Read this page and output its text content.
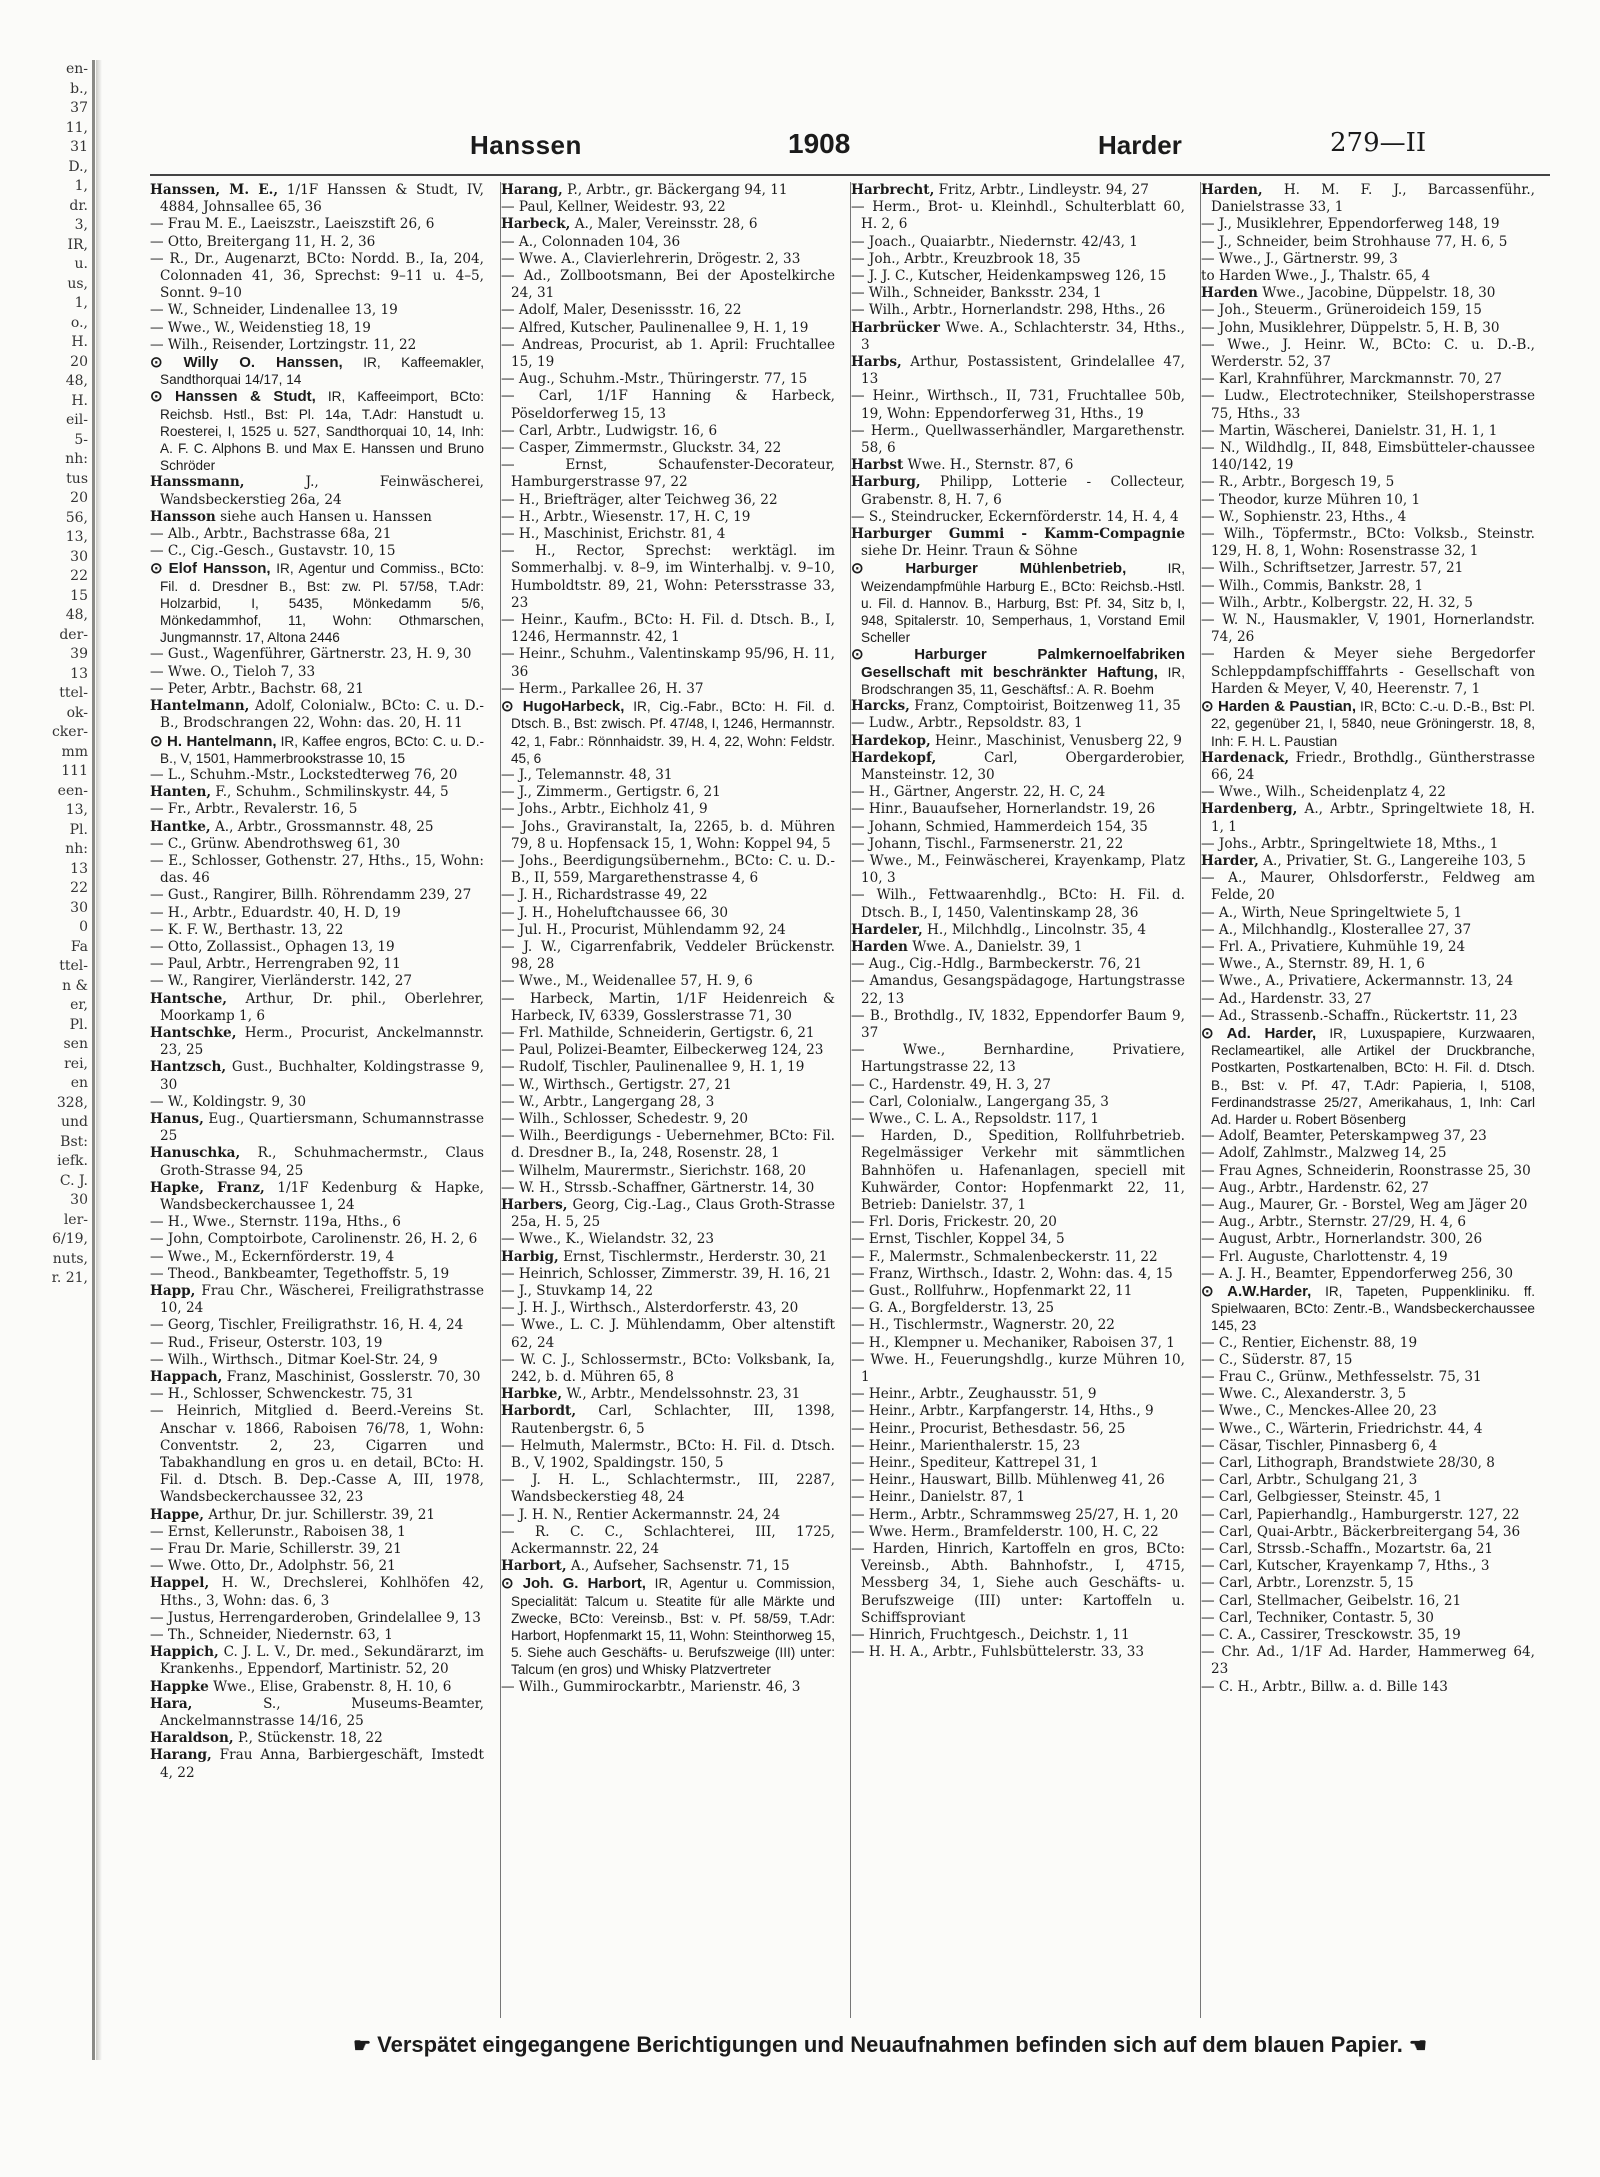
en-
b.,
37
11,
31
D.,
1,
dr.
3,
IR,
u.
us,
1,
o.,
H.
20
48,
H.
eil-
5-
nh:
tus
20
56,
13,
30
22
15
48,
der-
39
13
ttel-
ok-
cker-
mm
111
een-
13,
Pl.
nh:
13
22
30
0
Fa
ttel-
n &
er,
Pl.
sen
rei,
en
328,
und
Bst:
iefk.
C. J.
30
ler-
6/19,
nuts,
r. 21,
Hanssen	1908	Harder	279—II
Hanssen, M. E., 1/1F Hanssen & Studt, IV, 4884, Johnsallee 65, 36
— Frau M. E., Laeiszstr., Laeiszstift 26, 6
— Otto, Breitergang 11, H. 2, 36
— R., Dr., Augenarzt, BCto: Nordd. B., Ia, 204, Colonnaden 41, 36, Sprechst: 9–11 u. 4–5, Sonnt. 9–10
— W., Schneider, Lindenallee 13, 19
— Wwe., W., Weidenstieg 18, 19
— Wilh., Reisender, Lortzingstr. 11, 22
⊙ Willy O. Hanssen, IR, Kaffeemakler, Sandthorquai 14/17, 14
⊙ Hanssen & Studt, IR, Kaffeeimport, BCto: Reichsb. Hstl., Bst: Pl. 14a, T.Adr: Hanstudt u. Roesterei, I, 1525 u. 527, Sandthorquai 10, 14, Inh: A. F. C. Alphons B. und Max E. Hanssen und Bruno Schröder
Hanssmann,	J., Feinwäscherei, Wandsbeckerstieg 26a, 24
Hansson siehe auch Hansen u. Hanssen
— Alb., Arbtr., Bachstrasse 68a, 21
— C., Cig.-Gesch., Gustavstr. 10, 15
⊙ Elof Hansson, IR, Agentur und Commiss., BCto: Fil. d. Dresdner B., Bst: zw. Pl. 57/58, T.Adr: Holzarbid, I, 5435, Mönkedamm 5/6, Mönkedammhof, 11, Wohn: Othmarschen, Jungmannstr. 17, Altona 2446
— Gust., Wagenführer, Gärtnerstr. 23, H. 9, 30
— Wwe. O., Tieloh 7, 33
— Peter, Arbtr., Bachstr. 68, 21
Hantelmann, Adolf, Colonialw., BCto: C. u. D.-B., Brodschrangen 22, Wohn: das. 20, H. 11
⊙ H. Hantelmann, IR, Kaffee engros, BCto: C. u. D.-B., V, 1501, Hammerbrookstrasse 10, 15
— L., Schuhm.-Mstr., Lockstedterweg 76, 20
Hanten, F., Schuhm., Schmilinskystr. 44, 5
— Fr., Arbtr., Revalerstr. 16, 5
Hantke, A., Arbtr., Grossmannstr. 48, 25
— C., Grünw. Abendrothsweg 61, 30
— E., Schlosser, Gothenstr. 27, Hths., 15, Wohn: das. 46
— Gust., Rangirer, Billh. Röhrendamm 239, 27
— H., Arbtr., Eduardstr. 40, H. D, 19
— K. F. W., Berthastr. 13, 22
— Otto, Zollassist., Ophagen 13, 19
— Paul, Arbtr., Herrengraben 92, 11
— W., Rangirer, Vierländerstr. 142, 27
Hantsche, Arthur, Dr. phil., Oberlehrer, Moorkamp 1, 6
Hantschke, Herm., Procurist, Anckelmannstr. 23, 25
Hantzsch, Gust., Buchhalter, Koldingstrasse 9, 30
— W., Koldingstr. 9, 30
Hanus, Eug., Quartiersmann, Schumannstrasse 25
Hanuschka, R., Schuhmachermstr., Claus Groth-Strasse 94, 25
Hapke, Franz, 1/1F Kedenburg & Hapke, Wandsbeckerchaussee 1, 24
— H., Wwe., Sternstr. 119a, Hths., 6
— John, Comptoirbote, Carolinenstr. 26, H. 2, 6
— Wwe., M., Eckernförderstr. 19, 4
— Theod., Bankbeamter, Tegethoffstr. 5, 19
Happ, Frau Chr., Wäscherei, Freiligrathstrasse 10, 24
— Georg, Tischler, Freiligrathstr. 16, H. 4, 24
— Rud., Friseur, Osterstr. 103, 19
— Wilh., Wirthsch., Ditmar Koel-Str. 24, 9
Happach, Franz, Maschinist, Gosslerstr. 70, 30
— H., Schlosser, Schwenckestr. 75, 31
— Heinrich, Mitglied d. Beerd.-Vereins St. Anschar v. 1866, Raboisen 76/78, 1, Wohn: Conventstr. 2, 23, Cigarren und Tabakhandlung en gros u. en detail, BCto: H. Fil. d. Dtsch. B. Dep.-Casse A, III, 1978, Wandsbeckerchaussee 32, 23
Happe, Arthur, Dr. jur. Schillerstr. 39, 21
— Ernst, Kellerunstr., Raboisen 38, 1
— Frau Dr. Marie, Schillerstr. 39, 21
— Wwe. Otto, Dr., Adolphstr. 56, 21
Happel, H. W., Drechslerei, Kohlhöfen 42, Hths., 3, Wohn: das. 6, 3
— Justus, Herrengarderoben, Grindelallee 9, 13
— Th., Schneider, Niedernstr. 63, 1
Happich, C. J. L. V., Dr. med., Sekundärarzt, im Krankenhs., Eppendorf, Martinistr. 52, 20
Happke Wwe., Elise, Grabenstr. 8, H. 10, 6
Hara,	S., Museums-Beamter, Anckelmannstrasse 14/16, 25
Haraldson, P., Stückenstr. 18, 22
Harang, Frau Anna, Barbiergeschäft, Imstedt 4, 22
Harang, P., Arbtr., gr. Bäckergang 94, 11
— Paul, Kellner, Weidestr. 93, 22
Harbeck, A., Maler, Vereinsstr. 28, 6
— A., Colonnaden 104, 36
— Wwe. A., Clavierlehrerin, Drögestr. 2, 33
— Ad., Zollbootsmann, Bei der Apostelkirche 24, 31
— Adolf, Maler, Desenissstr. 16, 22
— Alfred, Kutscher, Paulinenallee 9, H. 1, 19
— Andreas, Procurist, ab 1. April: Fruchtallee 15, 19
— Aug., Schuhm.-Mstr., Thüringerstr. 77, 15
— Carl, 1/1F Hanning & Harbeck, Pöseldorferweg 15, 13
— Carl, Arbtr., Ludwigstr. 16, 6
— Casper, Zimmermstr., Gluckstr. 34, 22
— Ernst, Schaufenster-Decorateur, Hamburgerstrasse 97, 22
— H., Briefträger, alter Teichweg 36, 22
— H., Arbtr., Wiesenstr. 17, H. C, 19
— H., Maschinist, Erichstr. 81, 4
— H., Rector, Sprechst: werktägl. im Sommerhalbj. v. 8–9, im Winterhalbj. v. 9–10, Humboldtstr. 89, 21, Wohn: Petersstrasse 33, 23
— Heinr., Kaufm., BCto: H. Fil. d. Dtsch. B., I, 1246, Hermannstr. 42, 1
— Heinr., Schuhm., Valentinskamp 95/96, H. 11, 36
— Herm., Parkallee 26, H. 37
⊙ HugoHarbeck, IR, Cig.-Fabr., BCto: H. Fil. d. Dtsch. B., Bst: zwisch. Pf. 47/48, I, 1246, Hermannstr. 42, 1, Fabr.: Rönnhaidstr. 39, H. 4, 22, Wohn: Feldstr. 45, 6
— J., Telemannstr. 48, 31
— J., Zimmerm., Gertigstr. 6, 21
— Johs., Arbtr., Eichholz 41, 9
— Johs., Graviranstalt, Ia, 2265, b. d. Mühren 79, 8 u. Hopfensack 15, 1, Wohn: Koppel 94, 5
— Johs., Beerdigungsübernehm., BCto: C. u. D.-B., II, 559, Margarethenstrasse 4, 6
— J. H., Richardstrasse 49, 22
— J. H., Hoheluftchaussee 66, 30
— Jul. H., Procurist, Mühlendamm 92, 24
— J. W., Cigarrenfabrik, Veddeler Brückenstr. 98, 28
— Wwe., M., Weidenallee 57, H. 9, 6
— Harbeck, Martin, 1/1F Heidenreich & Harbeck, IV, 6339, Gosslerstrasse 71, 30
— Frl. Mathilde, Schneiderin, Gertigstr. 6, 21
— Paul, Polizei-Beamter, Eilbeckerweg 124, 23
— Rudolf, Tischler, Paulinenallee 9, H. 1, 19
— W., Wirthsch., Gertigstr. 27, 21
— W., Arbtr., Langergang 28, 3
— Wilh., Schlosser, Schedestr. 9, 20
— Wilh., Beerdigungs - Uebernehmer, BCto: Fil. d. Dresdner B., Ia, 248, Rosenstr. 28, 1
— Wilhelm, Maurermstr., Sierichstr. 168, 20
— W. H., Strssb.-Schaffner, Gärtnerstr. 14, 30
Harbers, Georg, Cig.-Lag., Claus Groth-Strasse 25a, H. 5, 25
— Wwe., K., Wielandstr. 32, 23
Harbig, Ernst, Tischlermstr., Herderstr. 30, 21
— Heinrich, Schlosser, Zimmerstr. 39, H. 16, 21
— J., Stuvkamp 14, 22
— J. H. J., Wirthsch., Alsterdorferstr. 43, 20
— Wwe., L. C. J. Mühlendamm, Ober altenstift 62, 24
— W. C. J., Schlossermstr., BCto: Volksbank, Ia, 242, b. d. Mühren 65, 8
Harbke, W., Arbtr., Mendelssohnstr. 23, 31
Harbordt, Carl, Schlachter, III, 1398, Rautenbergstr. 6, 5
— Helmuth, Malermstr., BCto: H. Fil. d. Dtsch. B., V, 1902, Spaldingstr. 150, 5
— J. H. L., Schlachtermstr., III, 2287, Wandsbeckerstieg 48, 24
— J. H. N., Rentier Ackermannstr. 24, 24
— R. C. C., Schlachterei, III, 1725, Ackermannstr. 22, 24
Harbort, A., Aufseher, Sachsenstr. 71, 15
⊙ Joh. G. Harbort, IR, Agentur u. Commission, Specialität: Talcum u. Steatite für alle Märkte und Zwecke, BCto: Vereinsb., Bst: v. Pf. 58/59, T.Adr: Harbort, Hopfenmarkt 15, 11, Wohn: Steinthorweg 15, 5. Siehe auch Geschäfts- u. Berufszweige (III) unter: Talcum (en gros) und Whisky Platzvertreter
— Wilh., Gummirockarbtr., Marienstr. 46, 3
Harbrecht, Fritz, Arbtr., Lindleystr. 94, 27
— Herm., Brot- u. Kleinhdl., Schulterblatt 60, H. 2, 6
— Joach., Quaiarbtr., Niedernstr. 42/43, 1
— Joh., Arbtr., Kreuzbrook 18, 35
— J. J. C., Kutscher, Heidenkampsweg 126, 15
— Wilh., Schneider, Banksstr. 234, 1
— Wilh., Arbtr., Hornerlandstr. 298, Hths., 26
Harbrücker Wwe. A., Schlachterstr. 34, Hths., 3
Harbs, Arthur, Postassistent, Grindelallee 47, 13
— Heinr., Wirthsch., II, 731, Fruchtallee 50b, 19, Wohn: Eppendorferweg 31, Hths., 19
— Herm., Quellwasserhändler, Margarethenstr. 58, 6
Harbst Wwe. H., Sternstr. 87, 6
Harburg, Philipp, Lotterie - Collecteur, Grabenstr. 8, H. 7, 6
— S., Steindrucker, Eckernförderstr. 14, H. 4, 4
Harburger Gummi - Kamm-Compagnie siehe Dr. Heinr. Traun & Söhne
⊙ Harburger Mühlenbetrieb,	IR, Weizendampfmühle Harburg E., BCto: Reichsb.-Hstl. u. Fil. d. Hannov. B., Harburg, Bst: Pf. 34, Sitz b, I, 948, Spitalerstr. 10, Semperhaus, 1, Vorstand Emil Scheller
⊙ Harburger Palmkernoelfabriken Gesellschaft mit beschränkter Haftung, IR, Brodschrangen 35, 11, Geschäftsf.: A. R. Boehm
Harcks, Franz, Comptoirist, Boitzenweg 11, 35
— Ludw., Arbtr., Repsoldstr. 83, 1
Hardekop, Heinr., Maschinist, Venusberg 22, 9
Hardekopf,	Carl, Obergarderobier, Mansteinstr. 12, 30
— H., Gärtner, Angerstr. 22, H. C, 24
— Hinr., Bauaufseher, Hornerlandstr. 19, 26
— Johann, Schmied, Hammerdeich 154, 35
— Johann, Tischl., Farmsenerstr. 21, 22
— Wwe., M., Feinwäscherei, Krayenkamp, Platz 10, 3
— Wilh., Fettwaarenhdlg., BCto: H. Fil. d. Dtsch. B., I, 1450, Valentinskamp 28, 36
Hardeler, H., Milchhdlg., Lincolnstr. 35, 4
Harden Wwe. A., Danielstr. 39, 1
— Aug., Cig.-Hdlg., Barmbeckerstr. 76, 21
— Amandus, Gesangspädagoge, Hartungstrasse 22, 13
— B., Brothdlg., IV, 1832, Eppendorfer Baum 9, 37
— Wwe., Bernhardine, Privatiere, Hartungstrasse 22, 13
— C., Hardenstr. 49, H. 3, 27
— Carl, Colonialw., Langergang 35, 3
— Wwe., C. L. A., Repsoldstr. 117, 1
— Harden, D., Spedition, Rollfuhrbetrieb. Regelmässiger Verkehr mit sämmtlichen Bahnhöfen u. Hafenanlagen, speciell mit Kuhwärder, Contor: Hopfenmarkt 22, 11, Betrieb: Danielstr. 37, 1
— Frl. Doris, Frickestr. 20, 20
— Ernst, Tischler, Koppel 34, 5
— F., Malermstr., Schmalenbeckerstr. 11, 22
— Franz, Wirthsch., Idastr. 2, Wohn: das. 4, 15
— Gust., Rollfuhrw., Hopfenmarkt 22, 11
— G. A., Borgfelderstr. 13, 25
— H., Tischlermstr., Wagnerstr. 20, 22
— H., Klempner u. Mechaniker, Raboisen 37, 1
— Wwe. H., Feuerungshdlg., kurze Mühren 10, 1
— Heinr., Arbtr., Zeughausstr. 51, 9
— Heinr., Arbtr., Karpfangerstr. 14, Hths., 9
— Heinr., Procurist, Bethesdastr. 56, 25
— Heinr., Marienthalerstr. 15, 23
— Heinr., Spediteur, Kattrepel 31, 1
— Heinr., Hauswart, Billb. Mühlenweg 41, 26
— Heinr., Danielstr. 87, 1
— Herm., Arbtr., Schrammsweg 25/27, H. 1, 20
— Wwe. Herm., Bramfelderstr. 100, H. C, 22
— Harden, Hinrich, Kartoffeln en gros, BCto: Vereinsb., Abth. Bahnhofstr., I, 4715, Messberg 34, 1, Siehe auch Geschäfts- u. Berufszweige (III) unter: Kartoffeln u. Schiffsproviant
— Hinrich, Fruchtgesch., Deichstr. 1, 11
— H. H. A., Arbtr., Fuhlsbüttelerstr. 33, 33
Harden, H. M. F. J., Barcassenführ., Danielstrasse 33, 1
— J., Musiklehrer, Eppendorferweg 148, 19
— J., Schneider, beim Strohhause 77, H. 6, 5
— Wwe., J., Gärtnerstr. 99, 3
to Harden Wwe., J., Thalstr. 65, 4
Harden Wwe., Jacobine, Düppelstr. 18, 30
— Joh., Steuerm., Grüneroideich 159, 15
— John, Musiklehrer, Düppelstr. 5, H. B, 30
— Wwe., J. Heinr. W., BCto: C. u. D.-B., Werderstr. 52, 37
— Karl, Krahnführer, Marckmannstr. 70, 27
— Ludw., Electrotechniker, Steilshoperstrasse 75, Hths., 33
— Martin, Wäscherei, Danielstr. 31, H. 1, 1
— N., Wildhdlg., II, 848, Eimsbütteler-chaussee 140/142, 19
— R., Arbtr., Borgesch 19, 5
— Theodor, kurze Mühren 10, 1
— W., Sophienstr. 23, Hths., 4
— Wilh., Töpfermstr., BCto: Volksb., Steinstr. 129, H. 8, 1, Wohn: Rosenstrasse 32, 1
— Wilh., Schriftsetzer, Jarrestr. 57, 21
— Wilh., Commis, Bankstr. 28, 1
— Wilh., Arbtr., Kolbergstr. 22, H. 32, 5
— W. N., Hausmakler, V, 1901, Hornerlandstr. 74, 26
— Harden & Meyer siehe Bergedorfer Schleppdampfschifffahrts - Gesellschaft von Harden & Meyer, V, 40, Heerenstr. 7, 1
⊙ Harden & Paustian, IR, BCto: C.-u. D.-B., Bst: Pl. 22, gegenüber 21, I, 5840, neue Gröningerstr. 18, 8, Inh: F. H. L. Paustian
Hardenack, Friedr., Brothdlg., Güntherstrasse 66, 24
— Wwe., Wilh., Scheidenplatz 4, 22
Hardenberg, A., Arbtr., Springeltwiete 18, H. 1, 1
— Johs., Arbtr., Springeltwiete 18, Mths., 1
Harder, A., Privatier, St. G., Langereihe 103, 5
— A., Maurer, Ohlsdorferstr., Feldweg am Felde, 20
— A., Wirth, Neue Springeltwiete 5, 1
— A., Milchhandlg., Klosterallee 27, 37
— Frl. A., Privatiere, Kuhmühle 19, 24
— Wwe., A., Sternstr. 89, H. 1, 6
— Wwe., A., Privatiere, Ackermannstr. 13, 24
— Ad., Hardenstr. 33, 27
— Ad., Strassenb.-Schaffn., Rückertstr. 11, 23
⊙ Ad. Harder, IR, Luxuspapiere, Kurzwaaren, Reclameartikel, alle Artikel der Druckbranche, Postkarten, Postkartenalben, BCto: H. Fil. d. Dtsch. B., Bst: v. Pf. 47, T.Adr: Papieria, I, 5108, Ferdinandstrasse 25/27, Amerikahaus, 1, Inh: Carl Ad. Harder u. Robert Bösenberg
— Adolf, Beamter, Peterskampweg 37, 23
— Adolf, Zahlmstr., Malzweg 14, 25
— Frau Agnes, Schneiderin, Roonstrasse 25, 30
— Aug., Arbtr., Hardenstr. 62, 27
— Aug., Maurer, Gr. - Borstel, Weg am Jäger 20
— Aug., Arbtr., Sternstr. 27/29, H. 4, 6
— August, Arbtr., Hornerlandstr. 300, 26
— Frl. Auguste, Charlottenstr. 4, 19
— A. J. H., Beamter, Eppendorferweg 256, 30
⊙ A.W.Harder, IR, Tapeten, Puppenkliniku. ff. Spielwaaren, BCto: Zentr.-B., Wandsbeckerchaussee 145, 23
— C., Rentier, Eichenstr. 88, 19
— C., Süderstr. 87, 15
— Frau C., Grünw., Methfesselstr. 75, 31
— Wwe. C., Alexanderstr. 3, 5
— Wwe., C., Menckes-Allee 20, 23
— Wwe., C., Wärterin, Friedrichstr. 44, 4
— Cäsar, Tischler, Pinnasberg 6, 4
— Carl, Lithograph, Brandstwiete 28/30, 8
— Carl, Arbtr., Schulgang 21, 3
— Carl, Gelbgiesser, Steinstr. 45, 1
— Carl, Papierhandlg., Hamburgerstr. 127, 22
— Carl, Quai-Arbtr., Bäckerbreitergang 54, 36
— Carl, Strssb.-Schaffn., Mozartstr. 6a, 21
— Carl, Kutscher, Krayenkamp 7, Hths., 3
— Carl, Arbtr., Lorenzstr. 5, 15
— Carl, Stellmacher, Geibelstr. 16, 21
— Carl, Techniker, Contastr. 5, 30
— C. A., Cassirer, Tresckowstr. 35, 19
— Chr. Ad., 1/1F Ad. Harder, Hammerweg 64, 23
— C. H., Arbtr., Billw. a. d. Bille 143
☛ Verspätet eingegangene Berichtigungen und Neuaufnahmen befinden sich auf dem blauen Papier. ☚
